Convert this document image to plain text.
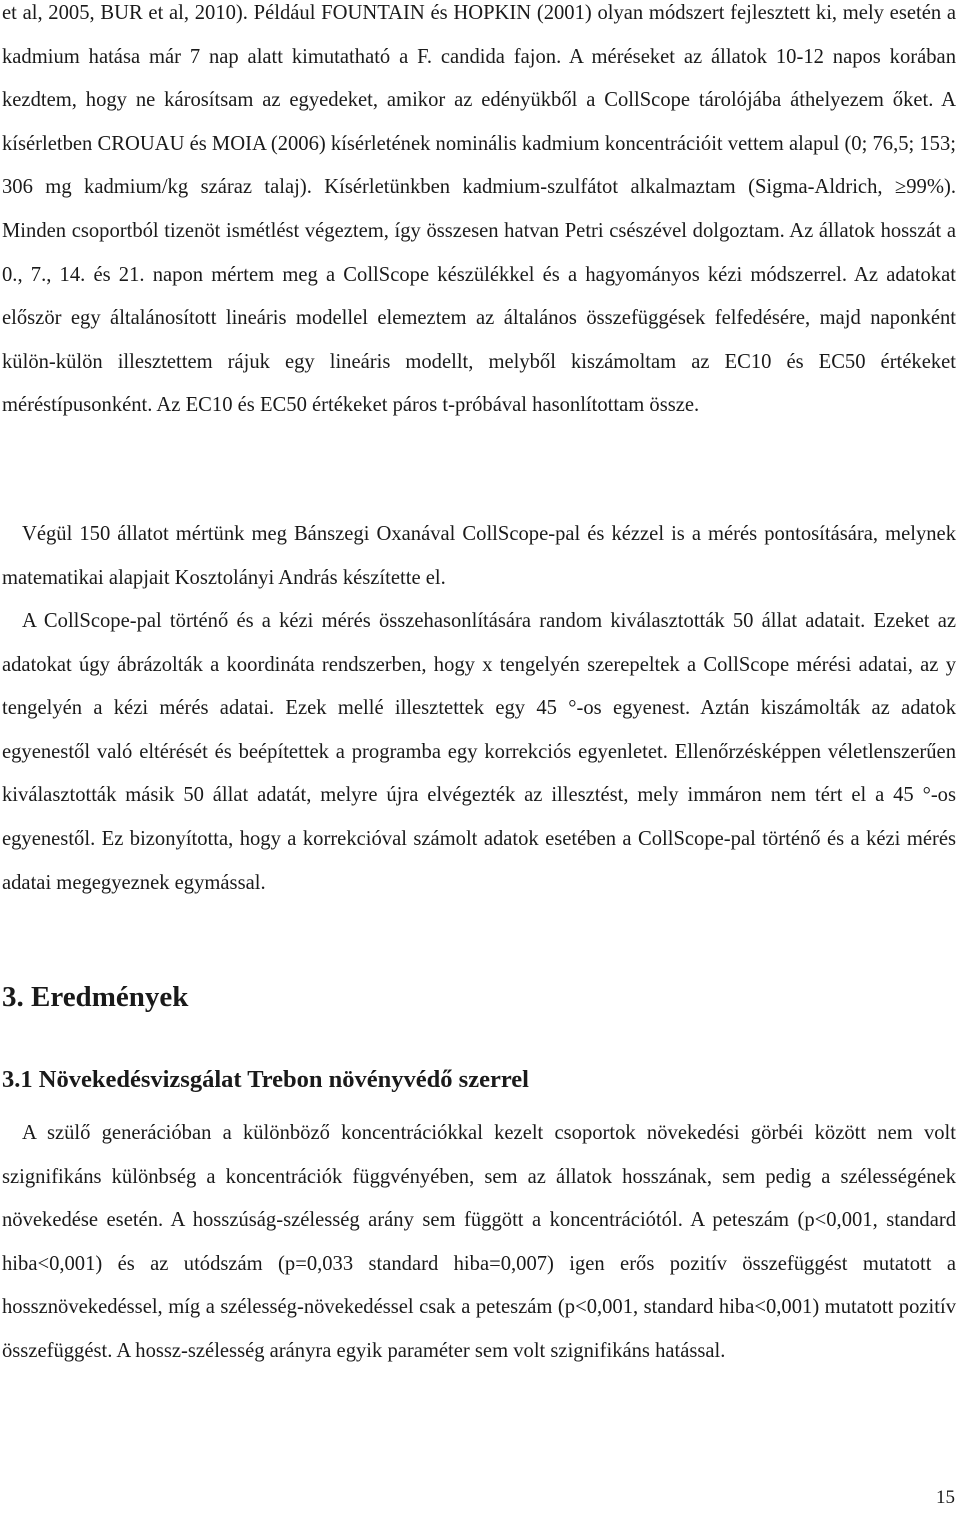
et al, 2005, BUR et al, 2010). Például FOUNTAIN és HOPKIN (2001) olyan módszert fejlesztett ki, mely esetén a kadmium hatása már 7 nap alatt kimutatható a F. candida fajon. A méréseket az állatok 10-12 napos korában kezdtem, hogy ne károsítsam az egyedeket, amikor az edényükből a CollScope tárolójába áthelyezem őket. A kísérletben CROUAU és MOIA (2006) kísérletének nominális kadmium koncentrációit vettem alapul (0; 76,5; 153; 306 mg kadmium/kg száraz talaj). Kísérletünkben kadmium-szulfátot alkalmaztam (Sigma-Aldrich, ≥99%). Minden csoportból tizenöt ismétlést végeztem, így összesen hatvan Petri csészével dolgoztam. Az állatok hosszát a 0., 7., 14. és 21. napon mértem meg a CollScope készülékkel és a hagyományos kézi módszerrel. Az adatokat először egy általánosított lineáris modellel elemeztem az általános összefüggések felfedésére, majd naponként külön-külön illesztettem rájuk egy lineáris modellt, melyből kiszámoltam az EC10 és EC50 értékeket méréstípusonként. Az EC10 és EC50 értékeket páros t-próbával hasonlítottam össze.

Végül 150 állatot mértünk meg Bánszegi Oxanával CollScope-pal és kézzel is a mérés pontosítására, melynek matematikai alapjait Kosztolányi András készítette el.

A CollScope-pal történő és a kézi mérés összehasonlítására random kiválasztották 50 állat adatait. Ezeket az adatokat úgy ábrázolták a koordináta rendszerben, hogy x tengelyén szerepeltek a CollScope mérési adatai, az y tengelyén a kézi mérés adatai. Ezek mellé illesztettek egy 45 °-os egyenest. Aztán kiszámolták az adatok egyenestől való eltérését és beépítettek a programba egy korrekciós egyenletet. Ellenőrzésképpen véletlenszerűen kiválasztották másik 50 állat adatát, melyre újra elvégezték az illesztést, mely immáron nem tért el a 45 °-os egyenestől. Ez bizonyította, hogy a korrekcióval számolt adatok esetében a CollScope-pal történő és a kézi mérés adatai megegyeznek egymással.

3. Eredmények
3.1 Növekedésvizsgálat Trebon növényvédő szerrel

A szülő generációban a különböző koncentrációkkal kezelt csoportok növekedési görbéi között nem volt szignifikáns különbség a koncentrációk függvényében, sem az állatok hosszának, sem pedig a szélességének növekedése esetén. A hosszúság-szélesség arány sem függött a koncentrációtól. A peteszám (p<0,001, standard hiba<0,001) és az utódszám (p=0,033 standard hiba=0,007) igen erős pozitív összefüggést mutatott a hossznövekedéssel, míg a szélesség-növekedéssel csak a peteszám (p<0,001, standard hiba<0,001) mutatott pozitív összefüggést. A hossz-szélesség arányra egyik paraméter sem volt szignifikáns hatással.

15
